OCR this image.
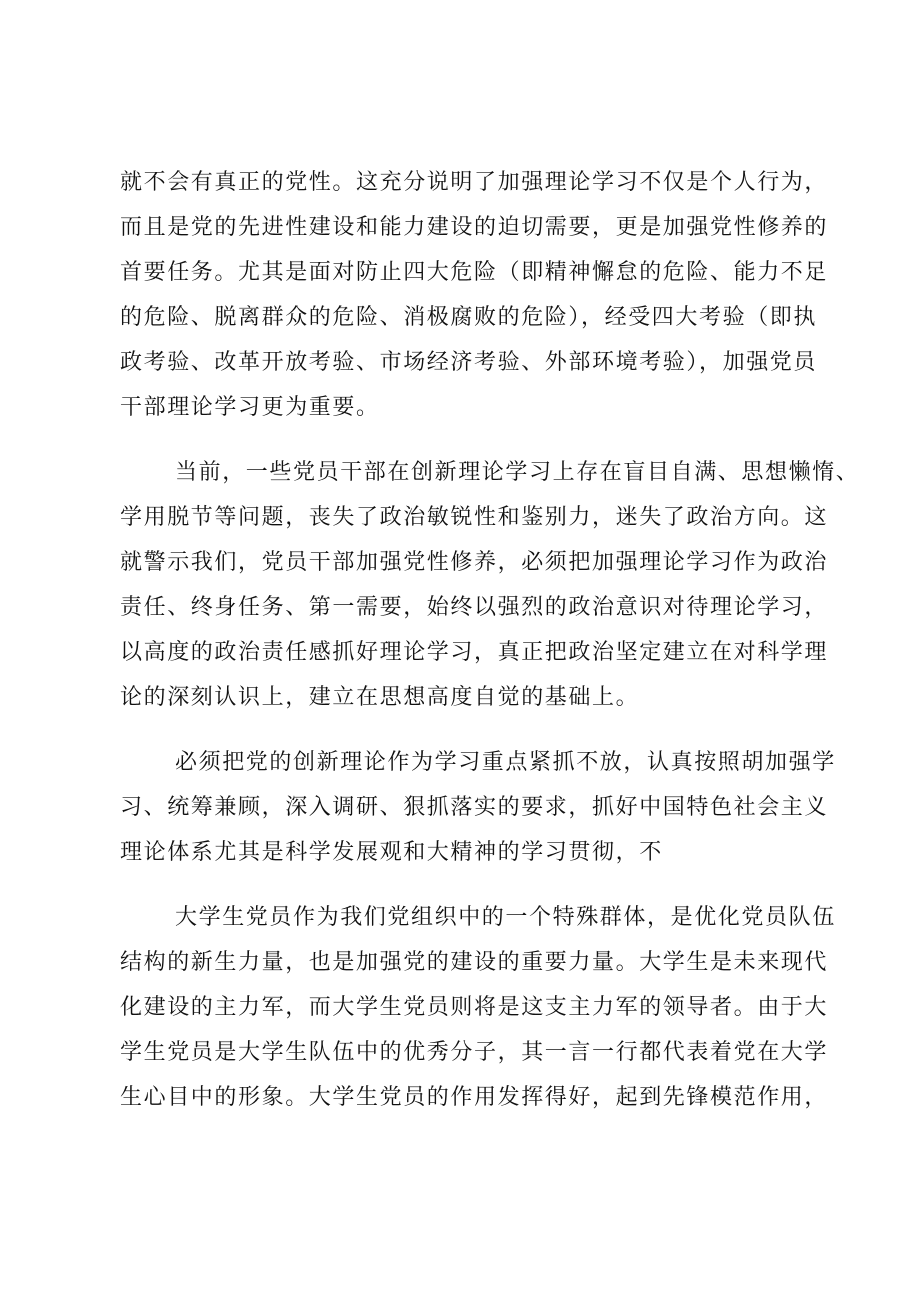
就不会有真正的党性。这充分说明了加强理论学习不仅是个人行为，
而且是党的先进性建设和能力建设的迫切需要，更是加强党性修养的
首要任务。尤其是面对防止四大危险（即精神懈怠的危险、能力不足
的危险、脱离群众的危险、消极腐败的危险），经受四大考验（即执
政考验、改革开放考验、市场经济考验、外部环境考验），加强党员
干部理论学习更为重要。
当前，一些党员干部在创新理论学习上存在盲目自满、思想懒惰、
学用脱节等问题，丧失了政治敏锐性和鉴别力，迷失了政治方向。这
就警示我们，党员干部加强党性修养，必须把加强理论学习作为政治
责任、终身任务、第一需要，始终以强烈的政治意识对待理论学习，
以高度的政治责任感抓好理论学习，真正把政治坚定建立在对科学理
论的深刻认识上，建立在思想高度自觉的基础上。
必须把党的创新理论作为学习重点紧抓不放，认真按照胡加强学
习、统筹兼顾，深入调研、狠抓落实的要求，抓好中国特色社会主义
理论体系尤其是科学发展观和大精神的学习贯彻，不
大学生党员作为我们党组织中的一个特殊群体，是优化党员队伍
结构的新生力量，也是加强党的建设的重要力量。大学生是未来现代
化建设的主力军，而大学生党员则将是这支主力军的领导者。由于大
学生党员是大学生队伍中的优秀分子，其一言一行都代表着党在大学
生心目中的形象。大学生党员的作用发挥得好，起到先锋模范作用，
